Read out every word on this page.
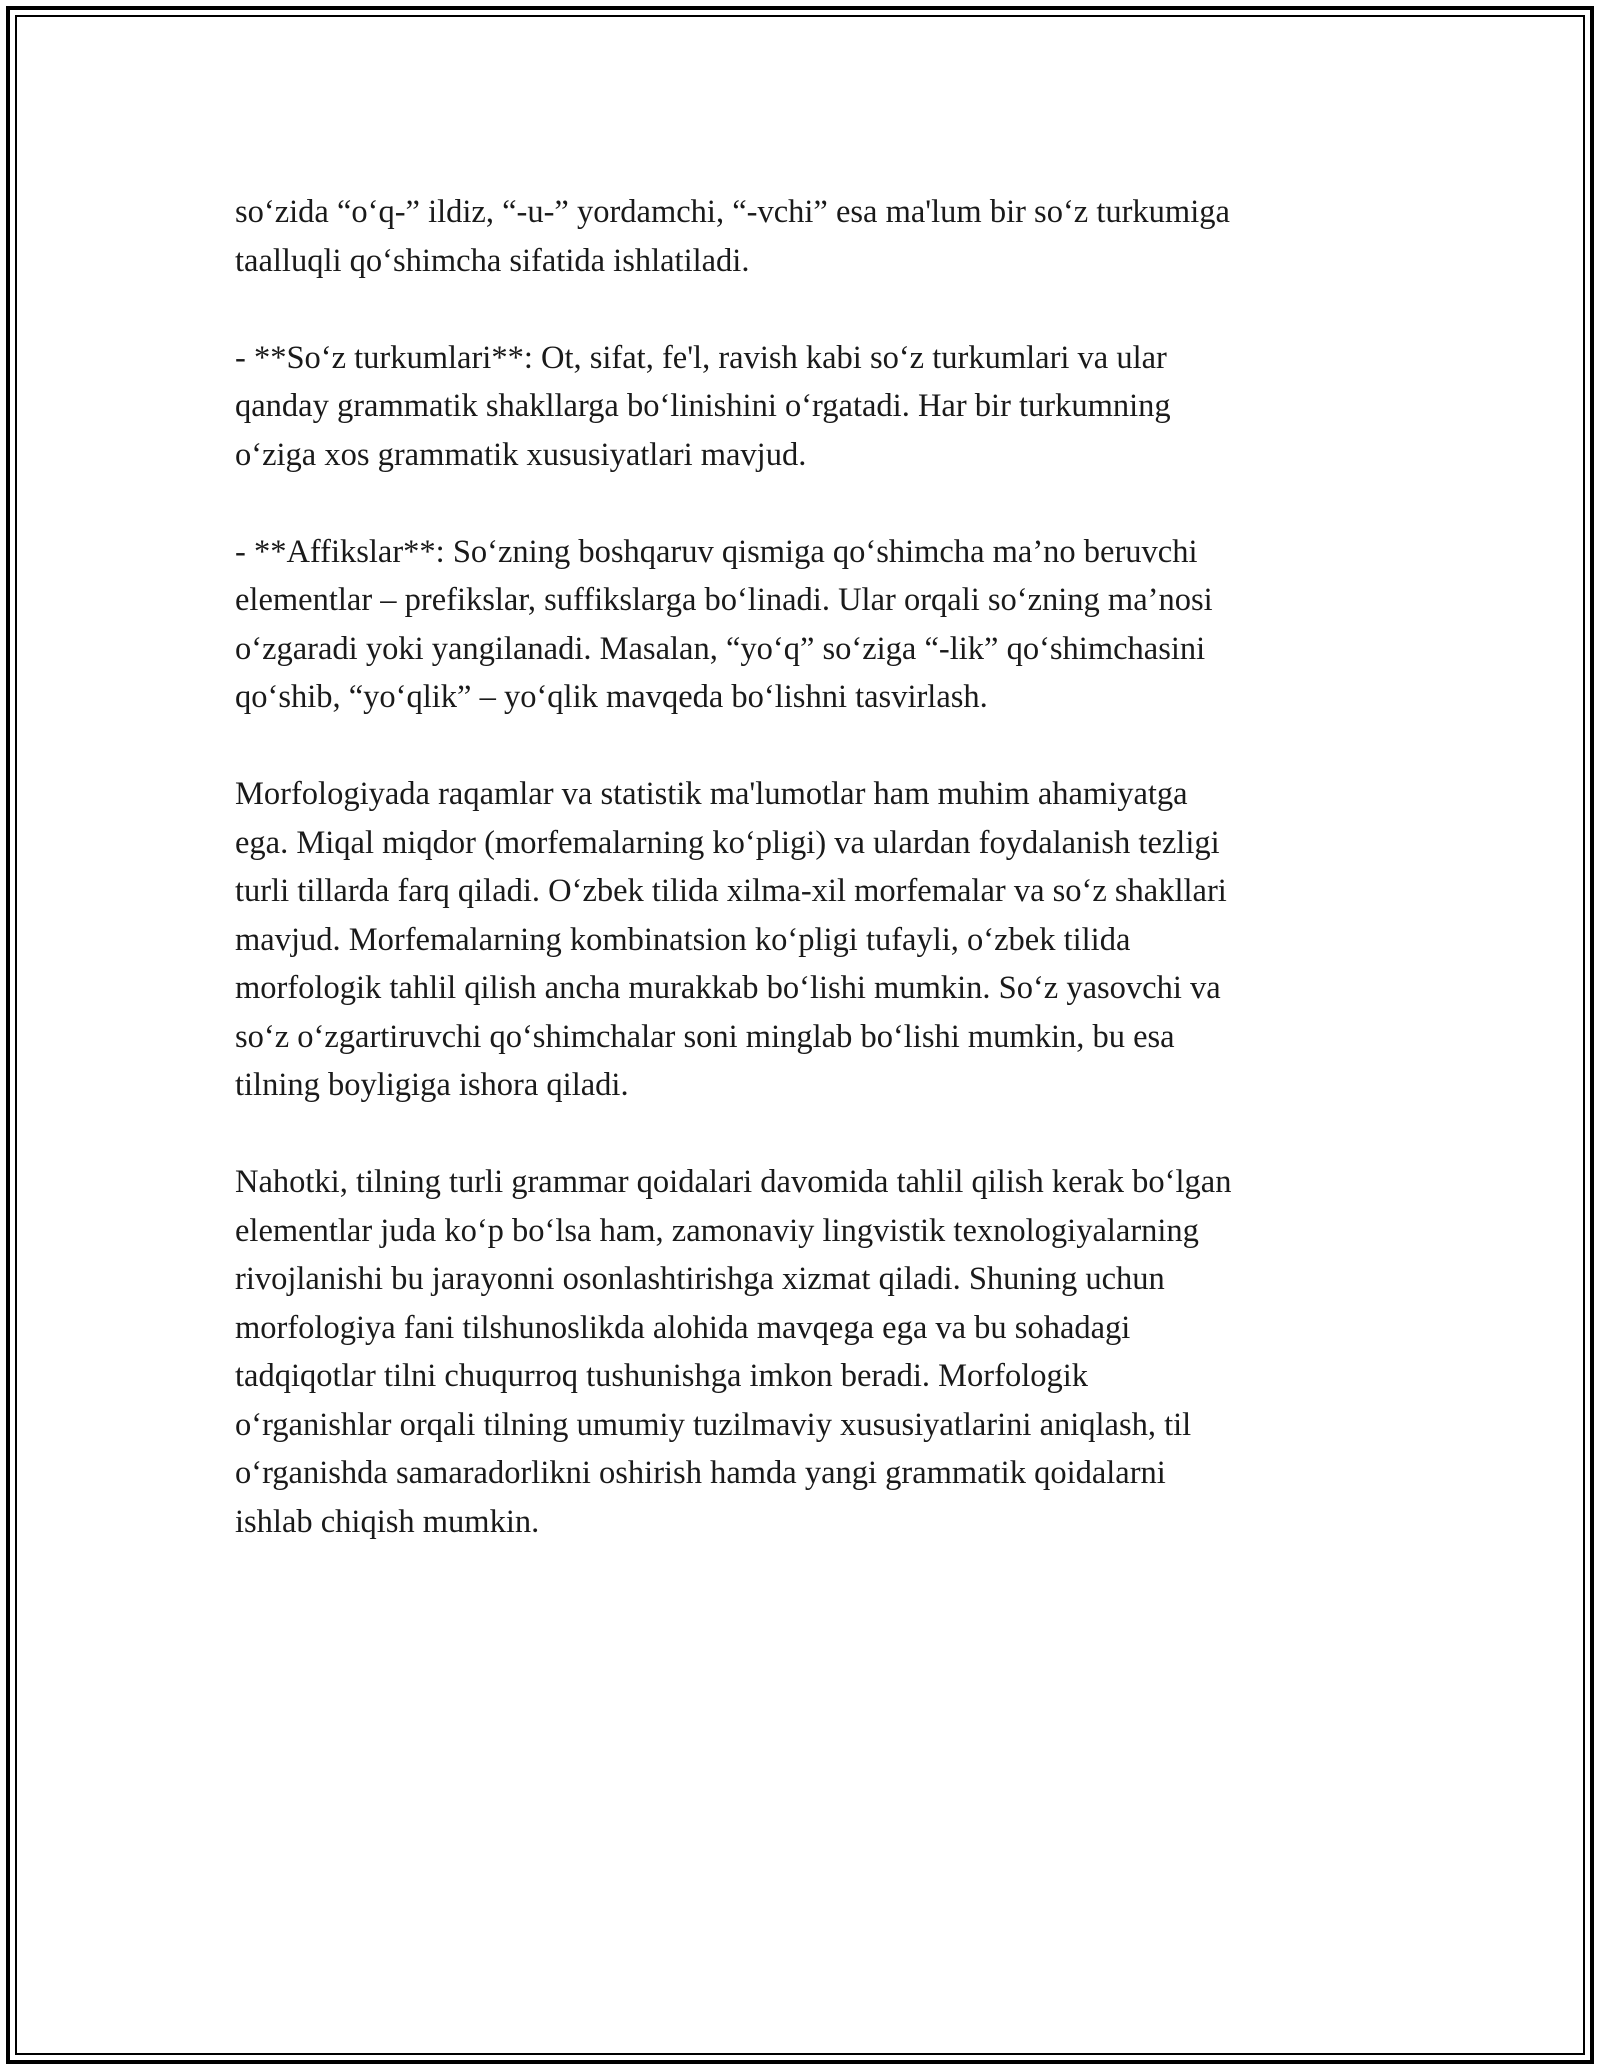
so‘zida “o‘q-” ildiz, “-u-” yordamchi, “-vchi” esa ma'lum bir so‘z turkumiga
taalluqli qo‘shimcha sifatida ishlatiladi.
- **So‘z turkumlari**: Ot, sifat, fe'l, ravish kabi so‘z turkumlari va ular
qanday grammatik shakllarga bo‘linishini o‘rgatadi. Har bir turkumning
o‘ziga xos grammatik xususiyatlari mavjud.
- **Affikslar**: So‘zning boshqaruv qismiga qo‘shimcha ma’no beruvchi
elementlar – prefikslar, suffikslarga bo‘linadi. Ular orqali so‘zning ma’nosi
o‘zgaradi yoki yangilanadi. Masalan, “yo‘q” so‘ziga “-lik” qo‘shimchasini
qo‘shib, “yo‘qlik” – yo‘qlik mavqeda bo‘lishni tasvirlash.
Morfologiyada raqamlar va statistik ma'lumotlar ham muhim ahamiyatga
ega. Miqal miqdor (morfemalarning ko‘pligi) va ulardan foydalanish tezligi
turli tillarda farq qiladi. O‘zbek tilida xilma-xil morfemalar va so‘z shakllari
mavjud. Morfemalarning kombinatsion ko‘pligi tufayli, o‘zbek tilida
morfologik tahlil qilish ancha murakkab bo‘lishi mumkin. So‘z yasovchi va
so‘z o‘zgartiruvchi qo‘shimchalar soni minglab bo‘lishi mumkin, bu esa
tilning boyligiga ishora qiladi.
Nahotki, tilning turli grammar qoidalari davomida tahlil qilish kerak bo‘lgan
elementlar juda ko‘p bo‘lsa ham, zamonaviy lingvistik texnologiyalarning
rivojlanishi bu jarayonni osonlashtirishga xizmat qiladi. Shuning uchun
morfologiya fani tilshunoslikda alohida mavqega ega va bu sohadagi
tadqiqotlar tilni chuqurroq tushunishga imkon beradi. Morfologik
o‘rganishlar orqali tilning umumiy tuzilmaviy xususiyatlarini aniqlash, til
o‘rganishda samaradorlikni oshirish hamda yangi grammatik qoidalarni
ishlab chiqish mumkin.
